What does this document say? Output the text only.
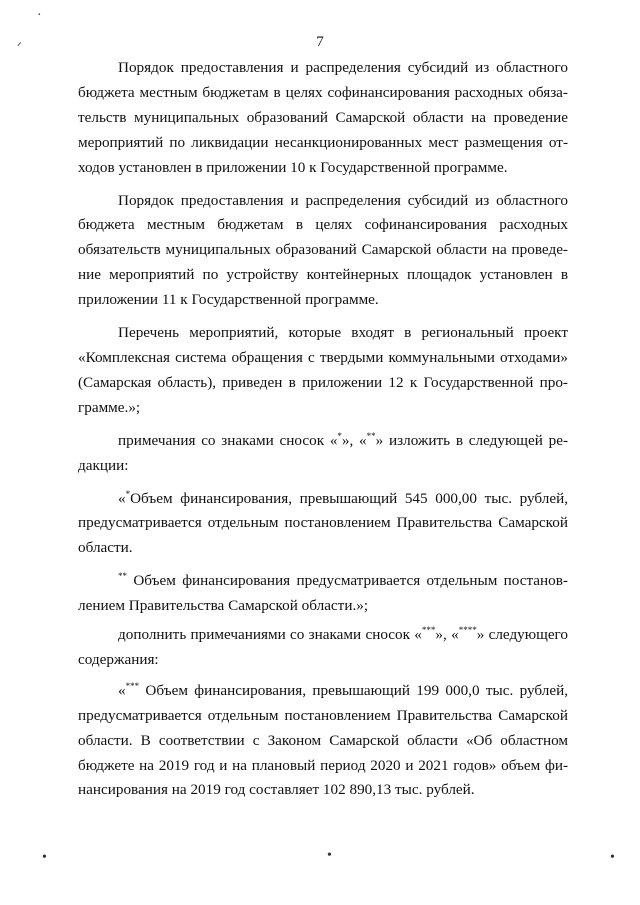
·
ᐟ	7
Порядок предоставления и распределения субсидий из областного
бюджета местным бюджетам в целях софинансирования расходных обяза-
тельств муниципальных образований Самарской области на проведение
мероприятий по ликвидации несанкционированных мест размещения от-
ходов установлен в приложении 10 к Государственной программе.
Порядок предоставления и распределения субсидий из областного
бюджета местным бюджетам в целях софинансирования расходных
обязательств муниципальных образований Самарской области на проведе-
ние мероприятий по устройству контейнерных площадок установлен в
приложении 11 к Государственной программе.
Перечень мероприятий, которые входят в региональный проект
«Комплексная система обращения с твердыми коммунальными отходами»
(Самарская область), приведен в приложении 12 к Государственной про-
грамме.»;
примечания со знаками сносок «*», «**» изложить в следующей ре-
дакции:
«*Объем финансирования, превышающий 545 000,00 тыс. рублей,
предусматривается отдельным постановлением Правительства Самарской
области.
** Объем финансирования предусматривается отдельным постанов-
лением Правительства Самарской области.»;
дополнить примечаниями со знаками сносок «***», «****» следующего
содержания:
«*** Объем финансирования, превышающий 199 000,0 тыс. рублей,
предусматривается отдельным постановлением Правительства Самарской
области. В соответствии с Законом Самарской области «Об областном
бюджете на 2019 год и на плановый период 2020 и 2021 годов» объем фи-
нансирования на 2019 год составляет 102 890,13 тыс. рублей.
•	•	•
